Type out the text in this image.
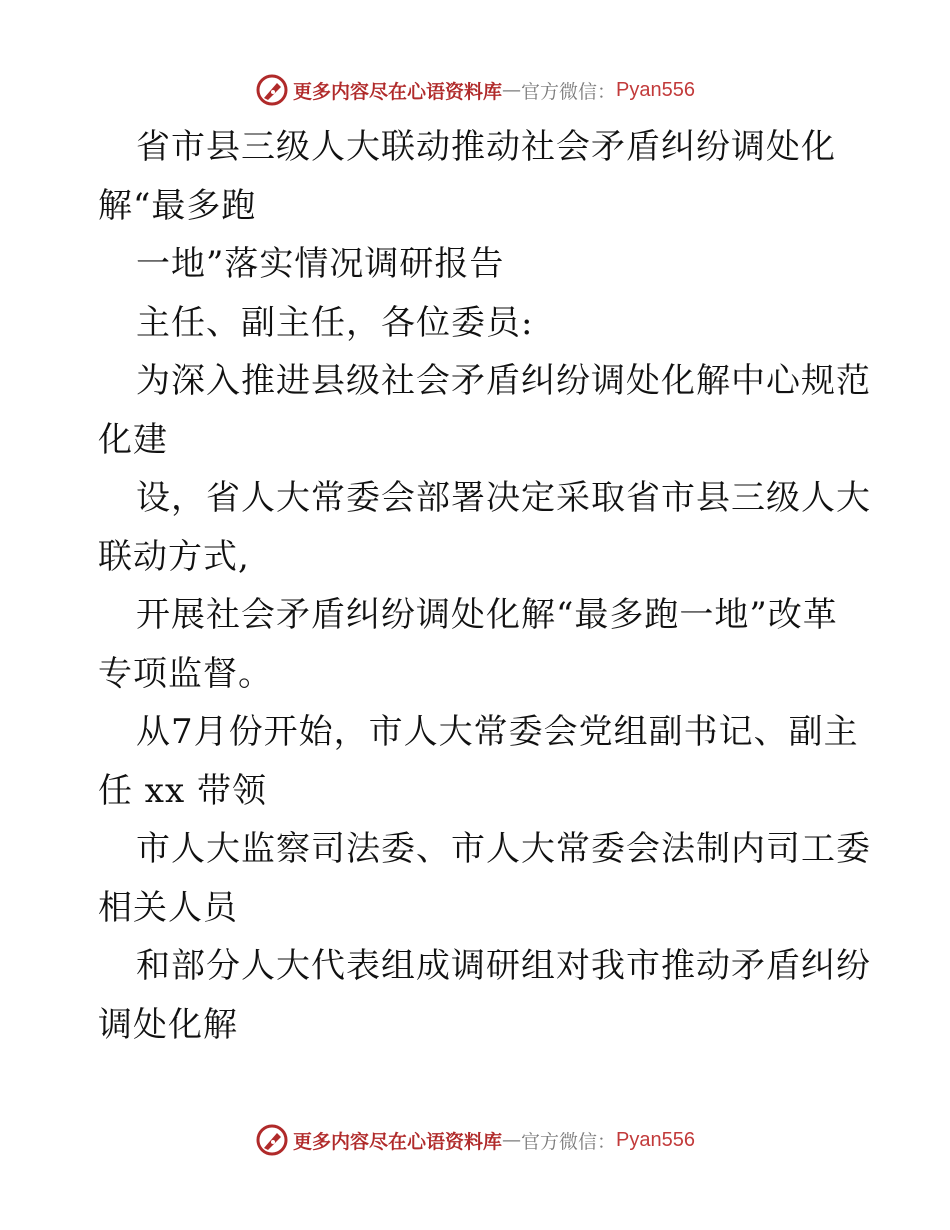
更多内容尽在心语资料库 — 官方微信： Pyan556
省市县三级人大联动推动社会矛盾纠纷调处化
解“最多跑
一地”落实情况调研报告
主任、副主任，各位委员:
为深入推进县级社会矛盾纠纷调处化解中心规范
化建
设，省人大常委会部署决定采取省市县三级人大
联动方式,
开展社会矛盾纠纷调处化解“最多跑一地”改革
专项监督。
从7月份开始，市人大常委会党组副书记、副主
任 xx 带领
市人大监察司法委、市人大常委会法制内司工委
相关人员
和部分人大代表组成调研组对我市推动矛盾纠纷
调处化解
更多内容尽在心语资料库 — 官方微信： Pyan556
